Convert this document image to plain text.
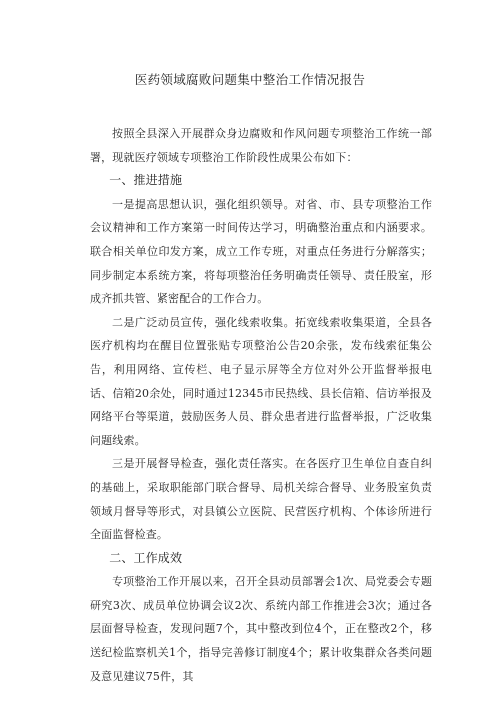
医药领域腐败问题集中整治工作情况报告

按照全县深入开展群众身边腐败和作风问题专项整治工作统一部署，现就医疗领域专项整治工作阶段性成果公布如下：

一、推进措施

一是提高思想认识，强化组织领导。对省、市、县专项整治工作会议精神和工作方案第一时间传达学习，明确整治重点和内涵要求。联合相关单位印发方案，成立工作专班，对重点任务进行分解落实；同步制定本系统方案，将每项整治任务明确责任领导、责任股室，形成齐抓共管、紧密配合的工作合力。

二是广泛动员宣传，强化线索收集。拓宽线索收集渠道，全县各医疗机构均在醒目位置张贴专项整治公告20余张，发布线索征集公告，利用网络、宣传栏、电子显示屏等全方位对外公开监督举报电话、信箱20余处，同时通过12345市民热线、县长信箱、信访举报及网络平台等渠道，鼓励医务人员、群众患者进行监督举报，广泛收集问题线索。

三是开展督导检查，强化责任落实。在各医疗卫生单位自查自纠的基础上，采取职能部门联合督导、局机关综合督导、业务股室负责领域月督导等形式，对县镇公立医院、民营医疗机构、个体诊所进行全面监督检查。

二、工作成效

专项整治工作开展以来，召开全县动员部署会1次、局党委会专题研究3次、成员单位协调会议2次、系统内部工作推进会3次；通过各层面督导检查，发现问题7个，其中整改到位4个，正在整改2个，移送纪检监察机关1个，指导完善修订制度4个；累计收集群众各类问题及意见建议75件，其
